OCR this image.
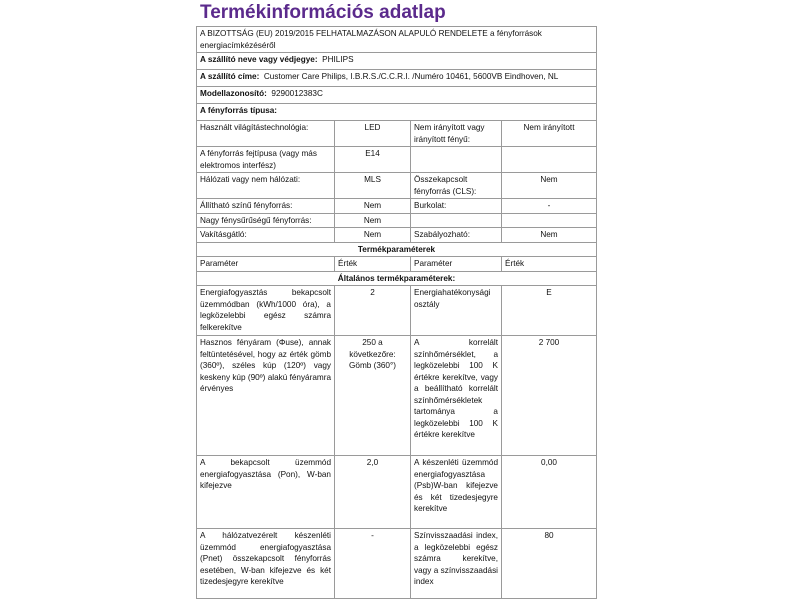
Termékinformációs adatlap
A BIZOTTSÁG (EU) 2019/2015 FELHATALMAZÁSON ALAPULÓ RENDELETE a fényforrások energiacímkézéséről			
A szállító neve vagy védjegye: PHILIPS			
A szállító címe: Customer Care Philips, I.B.R.S./C.C.R.I. /Numéro 10461, 5600VB Eindhoven, NL			
Modellazonosító: 9290012383C			
A fényforrás típusa:			
Használt világítástechnológia:	LED	Nem irányított vagy irányított fényű:	Nem irányított
A fényforrás fejtípusa (vagy más elektromos interfész)	E14		
Hálózati vagy nem hálózati:	MLS	Összekapcsolt fényforrás (CLS):	Nem
Állítható színű fényforrás:	Nem	Burkolat:	-
Nagy fénysűrűségű fényforrás:	Nem		
Vakításgátló:	Nem	Szabályozható:	Nem
Termékparaméterek			
Paraméter	Érték	Paraméter	Érték
Általános termékparaméterek:			
Energiafogyasztás bekapcsolt üzemmódban (kWh/1000 óra), a legközelebbi egész számra felkerekítve	2	Energiahatékonysági osztály	E
Hasznos fényáram (Φuse), annak feltüntetésével, hogy az érték gömb (360º), széles kúp (120º) vagy keskeny kúp (90º) alakú fényáramra érvényes	250 a következőre: Gömb (360°)	A korrelált színhőmérséklet, a legközelebbi 100 K értékre kerekítve, vagy a beállítható korrelált színhőmérsékletek tartománya a legközelebbi 100 K értékre kerekítve	2 700
A bekapcsolt üzemmód energiafogyasztása (Pon), W-ban kifejezve	2,0	A készenléti üzemmód energiafogyasztása (Psb)W-ban kifejezve és két tizedesjegyre kerekítve	0,00
A hálózatvezérelt készenléti üzemmód energiafogyasztása (Pnet) összekapcsolt fényforrás esetében, W-ban kifejezve és két tizedesjegyre kerekítve	-	Színvisszaadási index, a legközelebbi egész számra kerekítve, vagy a színvisszaadási index	80
